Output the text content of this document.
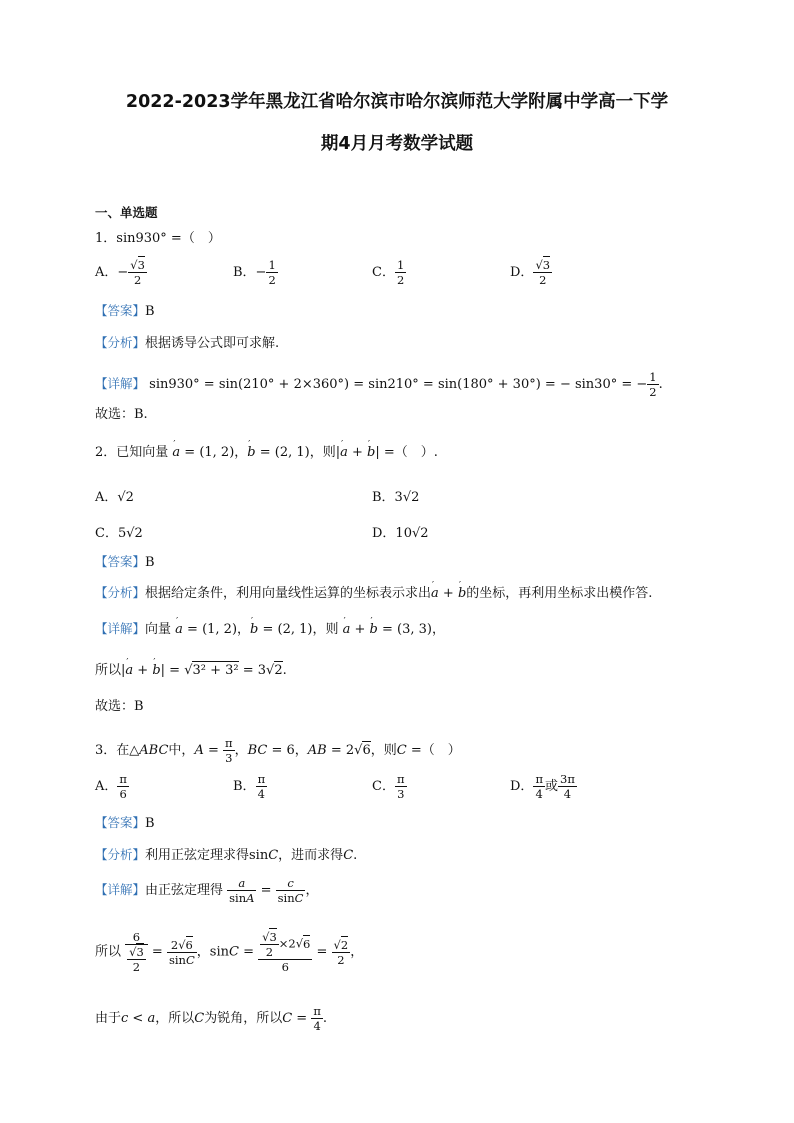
2022-2023学年黑龙江省哈尔滨市哈尔滨师范大学附属中学高一下学
期4月月考数学试题
一、单选题
1．sin930° =（　）
A．− $\frac{√3}{2}$	B．− $\frac{1}{2}$	C． $\frac{1}{2}$	D． $\frac{√3}{2}$
【答案】B
【分析】根据诱导公式即可求解.
【详解】 sin930° = sin(210° + 2×360°) = sin210° = sin(180° + 30°) = − sin30° = − $\frac{1}{2}$ .
故选：B.
2．已知向量 ′ a = (1, 2)，′ b = (2, 1)，则|′ a + ′ b| =（　）.
A．√2	B．3√2
C．5√2	D．10√2
【答案】B
【分析】根据给定条件，利用向量线性运算的坐标表示求出′ a + ′ b的坐标，再利用坐标求出模作答.
【详解】向量 ′ a = (1, 2)，′ b = (2, 1)，则 ′ a + ′ b = (3, 3)，
所以|′ a + ′ b| = √3² + 3² = 3√2.
故选：B
3．在△ABC中，$A = \frac{\pi}{3}$ ，BC = 6，AB = 2√6，则C =（　）
A． $\frac{\pi}{6}$	B． $\frac{\pi}{4}$	C． $\frac{\pi}{3}$	D． $\frac{\pi}{4}$ 或 $\frac{3\pi}{4}$
【答案】B
【分析】利用正弦定理求得sinC，进而求得C.
【详解】由正弦定理得 $\frac{a}{\sin A} = \frac{c}{\sin C}$ ，
所以 $\frac{6}{\frac{√3}{2}} = \frac{2√6}{\sin C}$ ，$\sin C = \frac{\frac{√3}{2} \times 2√6}{6} = \frac{√2}{2}$ ，
由于c < a，所以C为锐角，所以$C = \frac{\pi}{4}$ .
